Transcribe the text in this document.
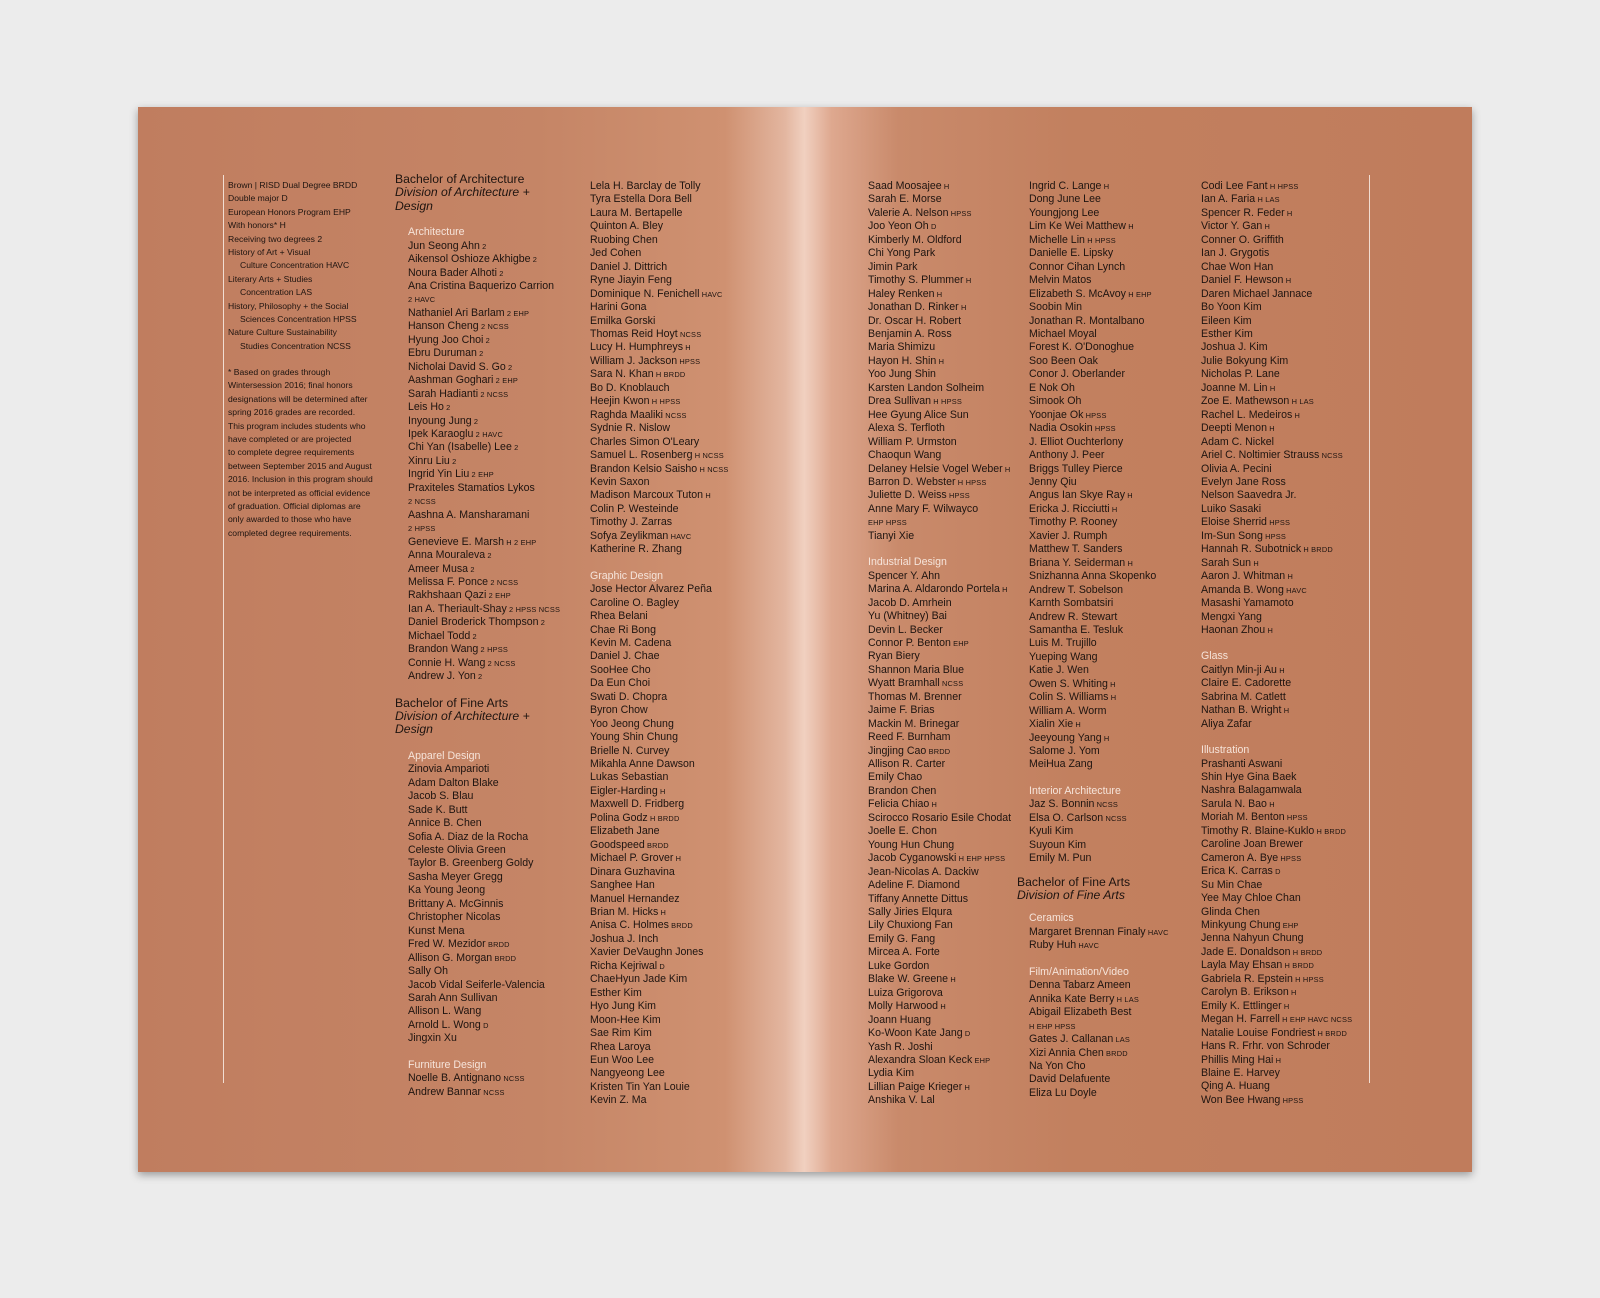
Brown | RISD Dual Degree BRDD
Double major D
European Honors Program EHP
With honors* H
Receiving two degrees 2
History of Art + Visual
Culture Concentration HAVC
Literary Arts + Studies
Concentration LAS
History, Philosophy + the Social
Sciences Concentration HPSS
Nature Culture Sustainability
Studies Concentration NCSS
* Based on grades through
Wintersession 2016; final honors
designations will be determined after
spring 2016 grades are recorded.
This program includes students who
have completed or are projected
to complete degree requirements
between September 2015 and August
2016. Inclusion in this program should
not be interpreted as official evidence
of graduation. Official diplomas are
only awarded to those who have
completed degree requirements.
Bachelor of Architecture
Division of Architecture + Design
Architecture
Jun Seong Ahn 2
Aikensol Oshioze Akhigbe 2
Noura Bader Alhoti 2
Ana Cristina Baquerizo Carrion
2 HAVC
Nathaniel Ari Barlam 2 EHP
Hanson Cheng 2 NCSS
Hyung Joo Choi 2
Ebru Duruman 2
Nicholai David S. Go 2
Aashman Goghari 2 EHP
Sarah Hadianti 2 NCSS
Leis Ho 2
Inyoung Jung 2
Ipek Karaoglu 2 HAVC
Chi Yan (Isabelle) Lee 2
Xinru Liu 2
Ingrid Yin Liu 2 EHP
Praxiteles Stamatios Lykos
2 NCSS
Aashna A. Mansharamani
2 HPSS
Genevieve E. Marsh H 2 EHP
Anna Mouraleva 2
Ameer Musa 2
Melissa F. Ponce 2 NCSS
Rakhshaan Qazi 2 EHP
Ian A. Theriault-Shay 2 HPSS NCSS
Daniel Broderick Thompson 2
Michael Todd 2
Brandon Wang 2 HPSS
Connie H. Wang 2 NCSS
Andrew J. Yon 2
Bachelor of Fine Arts
Division of Architecture + Design
Apparel Design
Zinovia Amparioti
Adam Dalton Blake
Jacob S. Blau
Sade K. Butt
Annice B. Chen
Sofia A. Diaz de la Rocha
Celeste Olivia Green
Taylor B. Greenberg Goldy
Sasha Meyer Gregg
Ka Young Jeong
Brittany A. McGinnis
Christopher Nicolas
Kunst Mena
Fred W. Mezidor BRDD
Allison G. Morgan BRDD
Sally Oh
Jacob Vidal Seiferle-Valencia
Sarah Ann Sullivan
Allison L. Wang
Arnold L. Wong D
Jingxin Xu
Furniture Design
Noelle B. Antignano NCSS
Andrew Bannar NCSS
Lela H. Barclay de Tolly
Tyra Estella Dora Bell
Laura M. Bertapelle
Quinton A. Bley
Ruobing Chen
Jed Cohen
Daniel J. Dittrich
Ryne Jiayin Feng
Dominique N. Fenichell HAVC
Harini Gona
Emilka Gorski
Thomas Reid Hoyt NCSS
Lucy H. Humphreys H
William J. Jackson HPSS
Sara N. Khan H BRDD
Bo D. Knoblauch
Heejin Kwon H HPSS
Raghda Maaliki NCSS
Sydnie R. Nislow
Charles Simon O'Leary
Samuel L. Rosenberg H NCSS
Brandon Kelsio Saisho H NCSS
Kevin Saxon
Madison Marcoux Tuton H
Colin P. Westeinde
Timothy J. Zarras
Sofya Zeylikman HAVC
Katherine R. Zhang
Graphic Design
Jose Hector Alvarez Peña
Caroline O. Bagley
Rhea Belani
Chae Ri Bong
Kevin M. Cadena
Daniel J. Chae
SooHee Cho
Da Eun Choi
Swati D. Chopra
Byron Chow
Yoo Jeong Chung
Young Shin Chung
Brielle N. Curvey
Mikahla Anne Dawson
Lukas Sebastian
Eigler-Harding H
Maxwell D. Fridberg
Polina Godz H BRDD
Elizabeth Jane
Goodspeed BRDD
Michael P. Grover H
Dinara Guzhavina
Sanghee Han
Manuel Hernandez
Brian M. Hicks H
Anisa C. Holmes BRDD
Joshua J. Inch
Xavier DeVaughn Jones
Richa Kejriwal D
ChaeHyun Jade Kim
Esther Kim
Hyo Jung Kim
Moon-Hee Kim
Sae Rim Kim
Rhea Laroya
Eun Woo Lee
Nangyeong Lee
Kristen Tin Yan Louie
Kevin Z. Ma
Saad Moosajee H
Sarah E. Morse
Valerie A. Nelson HPSS
Joo Yeon Oh D
Kimberly M. Oldford
Chi Yong Park
Jimin Park
Timothy S. Plummer H
Haley Renken H
Jonathan D. Rinker H
Dr. Oscar H. Robert
Benjamin A. Ross
Maria Shimizu
Hayon H. Shin H
Yoo Jung Shin
Karsten Landon Solheim
Drea Sullivan H HPSS
Hee Gyung Alice Sun
Alexa S. Terfloth
William P. Urmston
Chaoqun Wang
Delaney Helsie Vogel Weber H
Barron D. Webster H HPSS
Juliette D. Weiss HPSS
Anne Mary F. Wilwayco
EHP HPSS
Tianyi Xie
Industrial Design
Spencer Y. Ahn
Marina A. Aldarondo Portela H
Jacob D. Amrhein
Yu (Whitney) Bai
Devin L. Becker
Connor P. Benton EHP
Ryan Biery
Shannon Maria Blue
Wyatt Bramhall NCSS
Thomas M. Brenner
Jaime F. Brias
Mackin M. Brinegar
Reed F. Burnham
Jingjing Cao BRDD
Allison R. Carter
Emily Chao
Brandon Chen
Felicia Chiao H
Scirocco Rosario Esile Chodat
Joelle E. Chon
Young Hun Chung
Jacob Cyganowski H EHP HPSS
Jean-Nicolas A. Dackiw
Adeline F. Diamond
Tiffany Annette Dittus
Sally Jiries Elqura
Lily Chuxiong Fan
Emily G. Fang
Mircea A. Forte
Luke Gordon
Blake W. Greene H
Luiza Grigorova
Molly Harwood H
Joann Huang
Ko-Woon Kate Jang D
Yash R. Joshi
Alexandra Sloan Keck EHP
Lydia Kim
Lillian Paige Krieger H
Anshika V. Lal
Ingrid C. Lange H
Dong June Lee
Youngjong Lee
Lim Ke Wei Matthew H
Michelle Lin H HPSS
Danielle E. Lipsky
Connor Cihan Lynch
Melvin Matos
Elizabeth S. McAvoy H EHP
Soobin Min
Jonathan R. Montalbano
Michael Moyal
Forest K. O'Donoghue
Soo Been Oak
Conor J. Oberlander
E Nok Oh
Simook Oh
Yoonjae Ok HPSS
Nadia Osokin HPSS
J. Elliot Ouchterlony
Anthony J. Peer
Briggs Tulley Pierce
Jenny Qiu
Angus Ian Skye Ray H
Ericka J. Ricciutti H
Timothy P. Rooney
Xavier J. Rumph
Matthew T. Sanders
Briana Y. Seiderman H
Snizhanna Anna Skopenko
Andrew T. Sobelson
Karnth Sombatsiri
Andrew R. Stewart
Samantha E. Tesluk
Luis M. Trujillo
Yueping Wang
Katie J. Wen
Owen S. Whiting H
Colin S. Williams H
William A. Worm
Xialin Xie H
Jeeyoung Yang H
Salome J. Yom
MeiHua Zang
Interior Architecture
Jaz S. Bonnin NCSS
Elsa O. Carlson NCSS
Kyuli Kim
Suyoun Kim
Emily M. Pun
Bachelor of Fine Arts
Division of Fine Arts
Ceramics
Margaret Brennan Finaly HAVC
Ruby Huh HAVC
Film/Animation/Video
Denna Tabarz Ameen
Annika Kate Berry H LAS
Abigail Elizabeth Best
H EHP HPSS
Gates J. Callanan LAS
Xizi Annia Chen BRDD
Na Yon Cho
David Delafuente
Eliza Lu Doyle
Codi Lee Fant H HPSS
Ian A. Faria H LAS
Spencer R. Feder H
Victor Y. Gan H
Conner O. Griffith
Ian J. Grygotis
Chae Won Han
Daniel F. Hewson H
Daren Michael Jannace
Bo Yoon Kim
Eileen Kim
Esther Kim
Joshua J. Kim
Julie Bokyung Kim
Nicholas P. Lane
Joanne M. Lin H
Zoe E. Mathewson H LAS
Rachel L. Medeiros H
Deepti Menon H
Adam C. Nickel
Ariel C. Noltimier Strauss NCSS
Olivia A. Pecini
Evelyn Jane Ross
Nelson Saavedra Jr.
Luiko Sasaki
Eloise Sherrid HPSS
Im-Sun Song HPSS
Hannah R. Subotnick H BRDD
Sarah Sun H
Aaron J. Whitman H
Amanda B. Wong HAVC
Masashi Yamamoto
Mengxi Yang
Haonan Zhou H
Glass
Caitlyn Min-ji Au H
Claire E. Cadorette
Sabrina M. Catlett
Nathan B. Wright H
Aliya Zafar
Illustration
Prashanti Aswani
Shin Hye Gina Baek
Nashra Balagamwala
Sarula N. Bao H
Moriah M. Benton HPSS
Timothy R. Blaine-Kuklo H BRDD
Caroline Joan Brewer
Cameron A. Bye HPSS
Erica K. Carras D
Su Min Chae
Yee May Chloe Chan
Glinda Chen
Minkyung Chung EHP
Jenna Nahyun Chung
Jade E. Donaldson H BRDD
Layla May Ehsan H BRDD
Gabriela R. Epstein H HPSS
Carolyn B. Erikson H
Emily K. Ettlinger H
Megan H. Farrell H EHP HAVC NCSS
Natalie Louise Fondriest H BRDD
Hans R. Frhr. von Schroder
Phillis Ming Hai H
Blaine E. Harvey
Qing A. Huang
Won Bee Hwang HPSS
